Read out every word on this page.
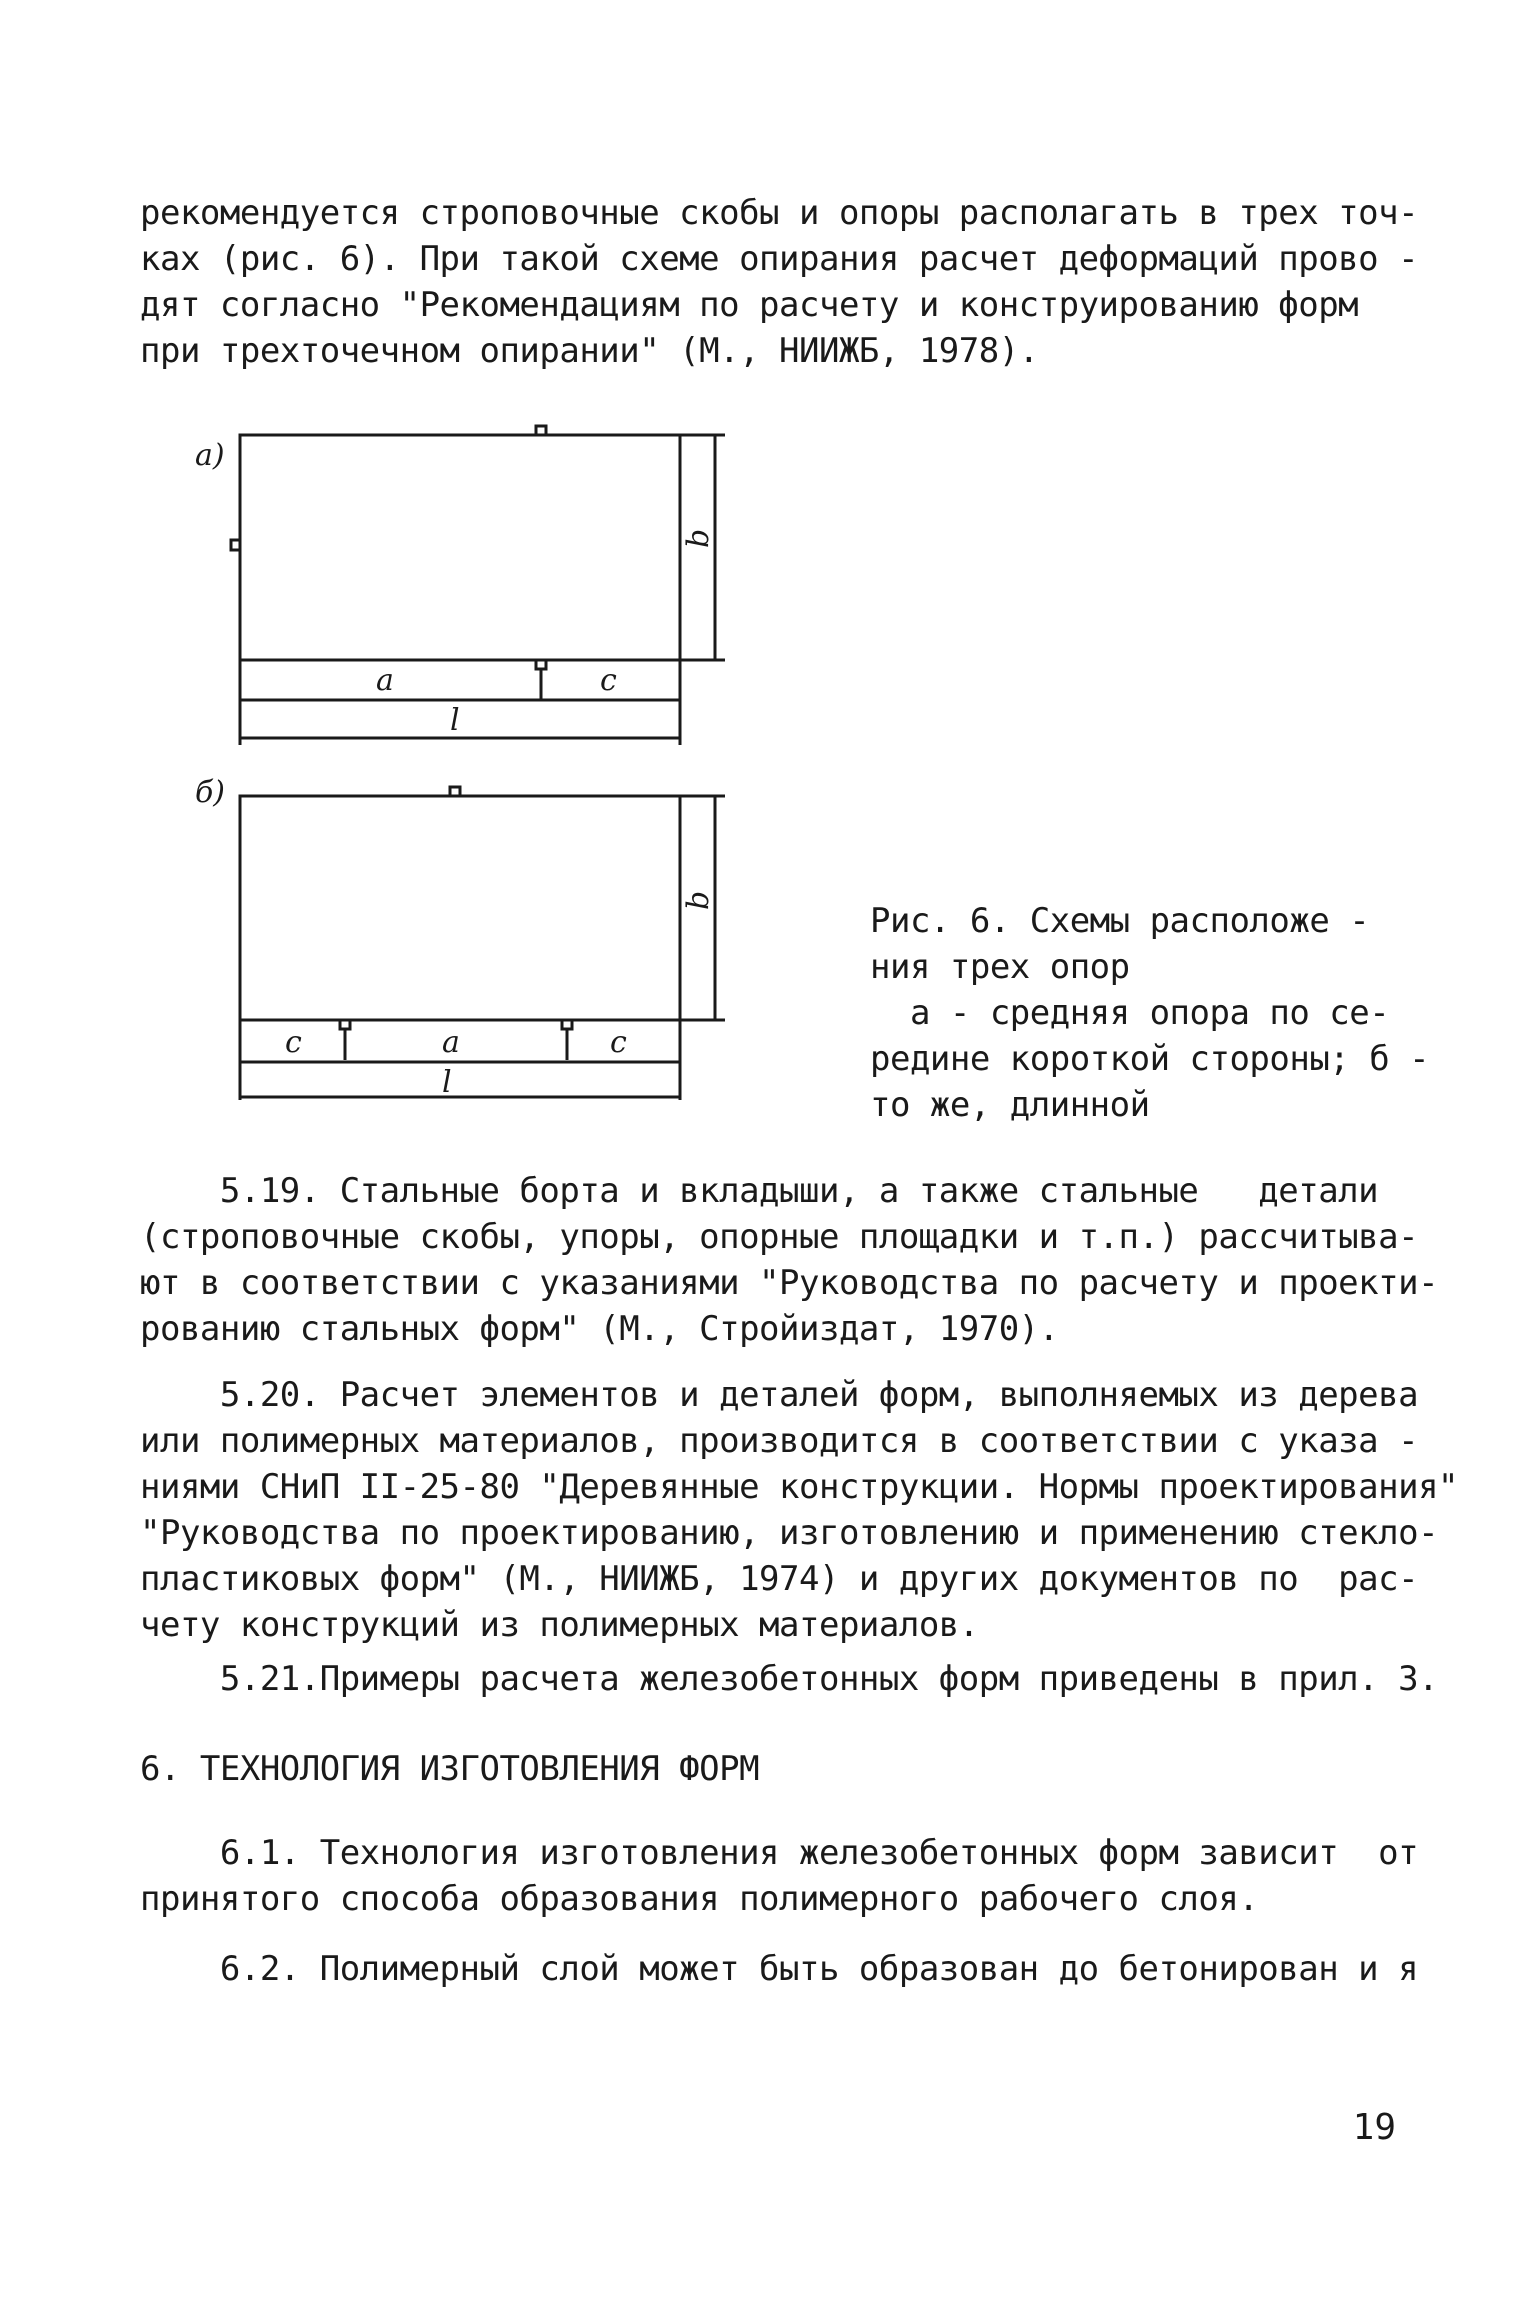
рекомендуется строповочные скобы и опоры располагать в трех точ-

ках (рис. 6). При такой схеме опирания расчет деформаций прово -

дят согласно "Рекомендациям по расчету и конструированию форм

при трехточечном опирании" (М., НИИЖБ, 1978).

а)
a	c
l
b
б)
c	a	c
l
b

Рис. 6. Схемы расположе -

ния трех опор

а - средняя опора по се-

редине короткой стороны; б -

то же, длинной

5.19. Стальные борта и вкладыши, а также стальные   детали

(строповочные скобы, упоры, опорные площадки и т.п.) рассчитыва-

ют в соответствии с указаниями "Руководства по расчету и проекти-

рованию стальных форм" (М., Стройиздат, 1970).

5.20. Расчет элементов и деталей форм, выполняемых из дерева

или полимерных материалов, производится в соответствии с указа -

ниями СНиП II-25-80 "Деревянные конструкции. Нормы проектирования"

"Руководства по проектированию, изготовлению и применению стекло-

пластиковых форм" (М., НИИЖБ, 1974) и других документов по  рас-

чету конструкций из полимерных материалов.

5.21.Примеры расчета железобетонных форм приведены в прил. 3.

6. ТЕХНОЛОГИЯ ИЗГОТОВЛЕНИЯ ФОРМ

6.1. Технология изготовления железобетонных форм зависит  от

принятого способа образования полимерного рабочего слоя.

6.2. Полимерный слой может быть образован до бетонирован и я

19
